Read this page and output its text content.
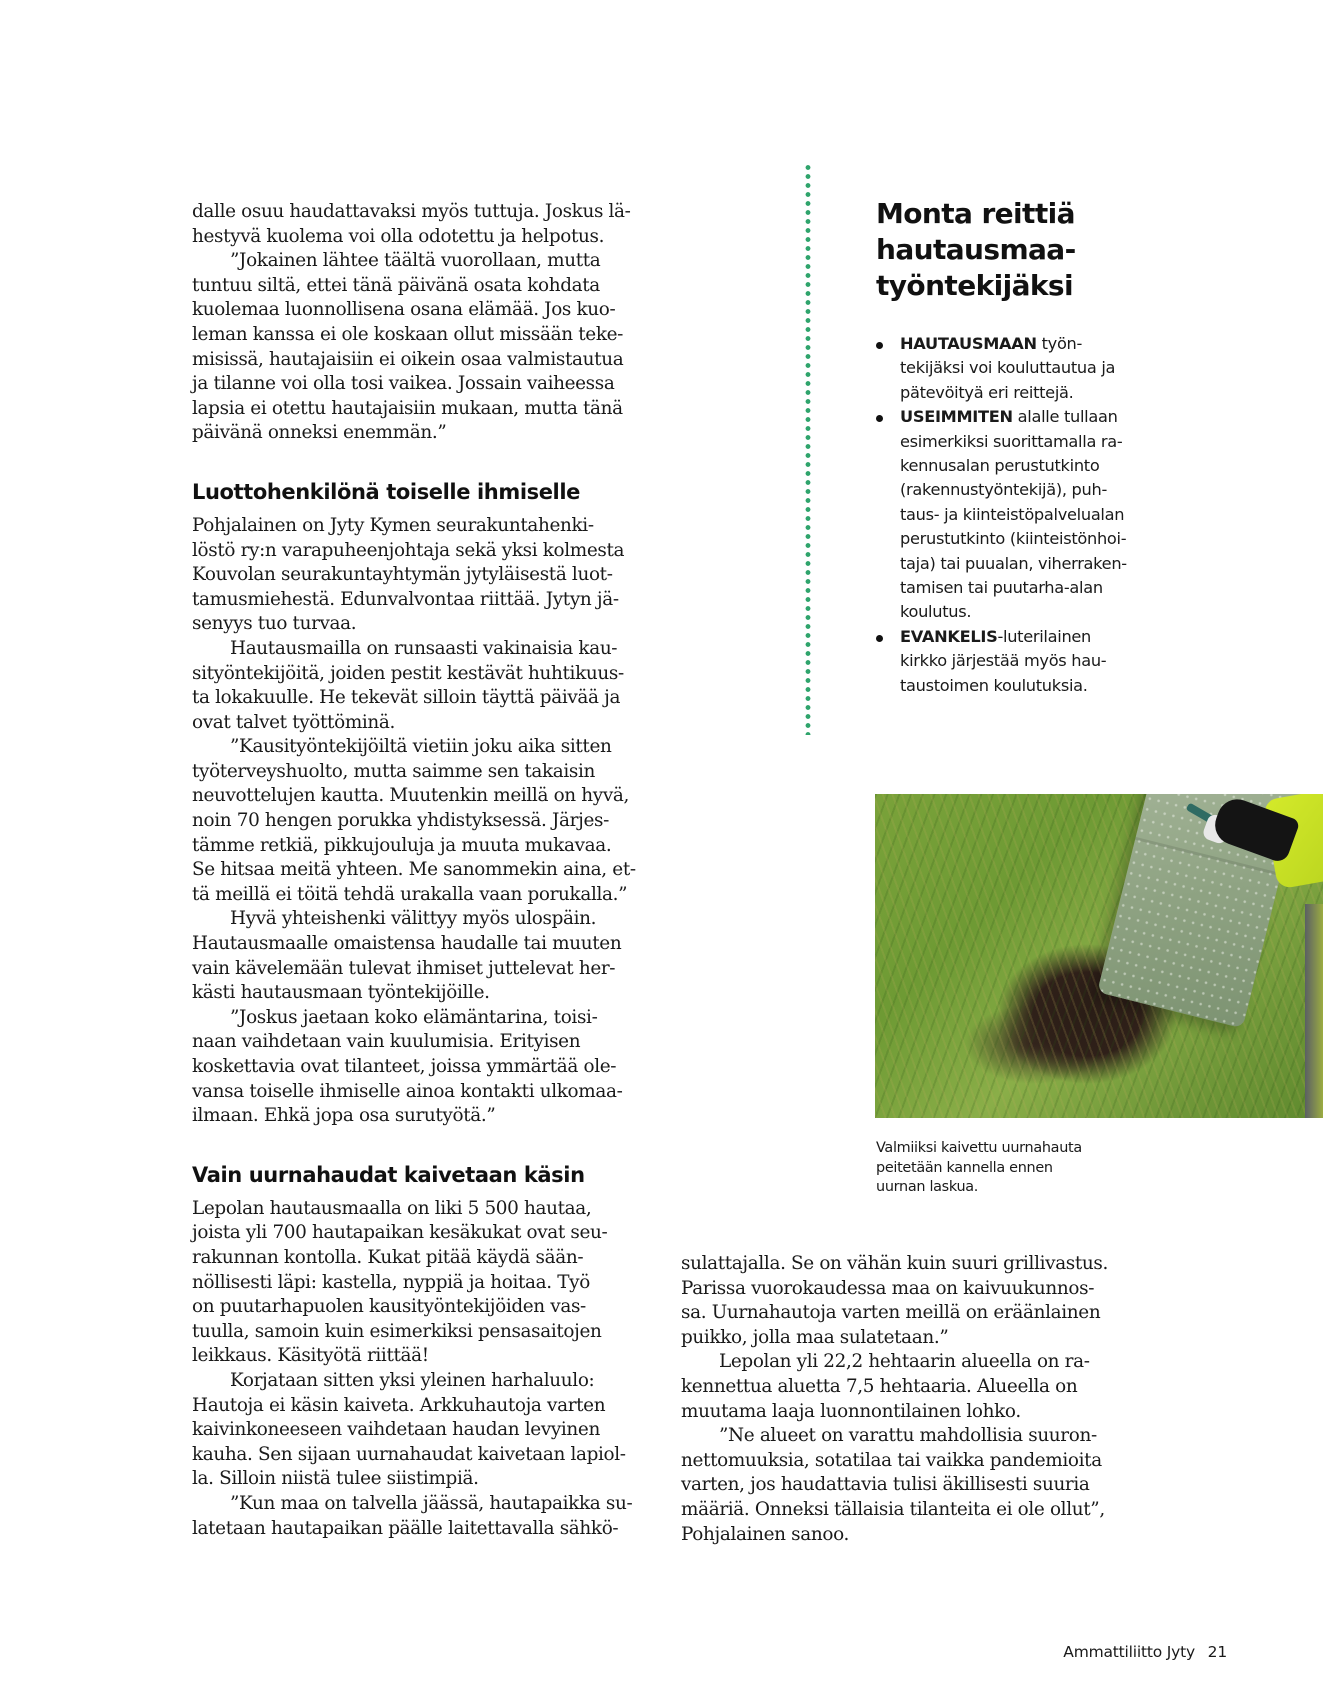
dalle osuu haudattavaksi myös tuttuja. Joskus lä-
hestyvä kuolema voi olla odotettu ja helpotus.
”Jokainen lähtee täältä vuorollaan, mutta
tuntuu siltä, ettei tänä päivänä osata kohdata
kuolemaa luonnollisena osana elämää. Jos kuo-
leman kanssa ei ole koskaan ollut missään teke-
misissä, hautajaisiin ei oikein osaa valmistautua
ja tilanne voi olla tosi vaikea. Jossain vaiheessa
lapsia ei otettu hautajaisiin mukaan, mutta tänä
päivänä onneksi enemmän.”
Luottohenkilönä toiselle ihmiselle
Pohjalainen on Jyty Kymen seurakuntahenki-
löstö ry:n varapuheenjohtaja sekä yksi kolmesta
Kouvolan seurakuntayhtymän jytyläisestä luot-
tamusmiehestä. Edunvalvontaa riittää. Jytyn jä-
senyys tuo turvaa.
Hautausmailla on runsaasti vakinaisia kau-
sityöntekijöitä, joiden pestit kestävät huhtikuus-
ta lokakuulle. He tekevät silloin täyttä päivää ja
ovat talvet työttöminä.
”Kausityöntekijöiltä vietiin joku aika sitten
työterveyshuolto, mutta saimme sen takaisin
neuvottelujen kautta. Muutenkin meillä on hyvä,
noin 70 hengen porukka yhdistyksessä. Järjes-
tämme retkiä, pikkujouluja ja muuta mukavaa.
Se hitsaa meitä yhteen. Me sanommekin aina, et-
tä meillä ei töitä tehdä urakalla vaan porukalla.”
Hyvä yhteishenki välittyy myös ulospäin.
Hautausmaalle omaistensa haudalle tai muuten
vain kävelemään tulevat ihmiset juttelevat her-
kästi hautausmaan työntekijöille.
”Joskus jaetaan koko elämäntarina, toisi-
naan vaihdetaan vain kuulumisia. Erityisen
koskettavia ovat tilanteet, joissa ymmärtää ole-
vansa toiselle ihmiselle ainoa kontakti ulkomaa-
ilmaan. Ehkä jopa osa surutyötä.”
Vain uurnahaudat kaivetaan käsin
Lepolan hautausmaalla on liki 5 500 hautaa,
joista yli 700 hautapaikan kesäkukat ovat seu-
rakunnan kontolla. Kukat pitää käydä sään-
nöllisesti läpi: kastella, nyppiä ja hoitaa. Työ
on puutarhapuolen kausityöntekijöiden vas-
tuulla, samoin kuin esimerkiksi pensasaitojen
leikkaus. Käsityötä riittää!
Korjataan sitten yksi yleinen harhaluulo:
Hautoja ei käsin kaiveta. Arkkuhautoja varten
kaivinkoneeseen vaihdetaan haudan levyinen
kauha. Sen sijaan uurnahaudat kaivetaan lapiol-
la. Silloin niistä tulee siistimpiä.
”Kun maa on talvella jäässä, hautapaikka su-
latetaan hautapaikan päälle laitettavalla sähkö-
Monta reittiä
hautausmaa-
työntekijäksi
HAUTAUSMAAN työn-
tekijäksi voi kouluttautua ja
pätevöityä eri reittejä.
USEIMMITEN alalle tullaan
esimerkiksi suorittamalla ra-
kennusalan perustutkinto
(rakennustyöntekijä), puh-
taus- ja kiinteistöpalvelualan
perustutkinto (kiinteistönhoi-
taja) tai puualan, viherraken-
tamisen tai puutarha-alan
koulutus.
EVANKELIS-luterilainen
kirkko järjestää myös hau-
taustoimen koulutuksia.
Valmiiksi kaivettu uurnahauta
peitetään kannella ennen
uurnan laskua.
sulattajalla. Se on vähän kuin suuri grillivastus.
Parissa vuorokaudessa maa on kaivuukunnos-
sa. Uurnahautoja varten meillä on eräänlainen
puikko, jolla maa sulatetaan.”
Lepolan yli 22,2 hehtaarin alueella on ra-
kennettua aluetta 7,5 hehtaaria. Alueella on
muutama laaja luonnontilainen lohko.
”Ne alueet on varattu mahdollisia suuron-
nettomuuksia, sotatilaa tai vaikka pandemioita
varten, jos haudattavia tulisi äkillisesti suuria
määriä. Onneksi tällaisia tilanteita ei ole ollut”,
Pohjalainen sanoo.
Ammattiliitto Jyty 21
